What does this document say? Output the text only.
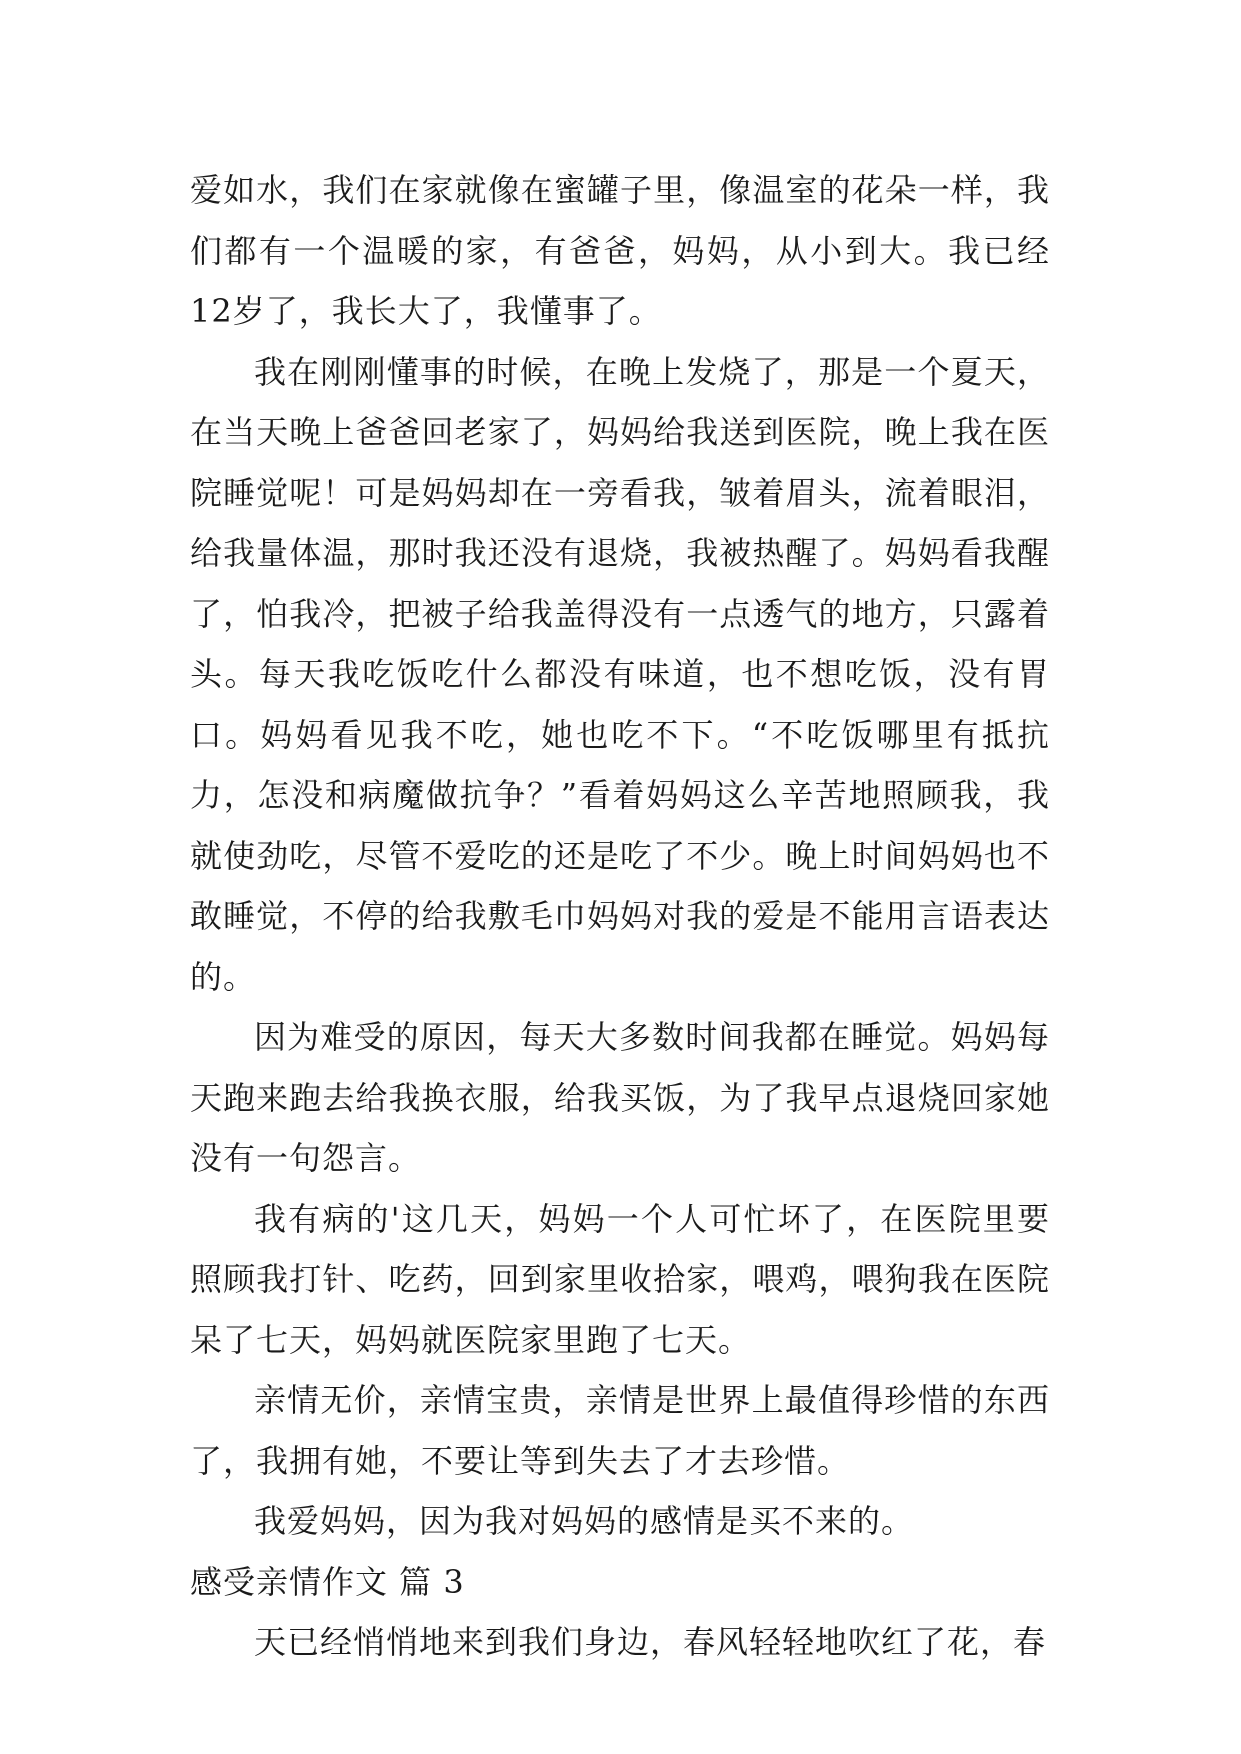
爱如水，我们在家就像在蜜罐子里，像温室的花朵一样，我们都有一个温暖的家，有爸爸，妈妈，从小到大。我已经12岁了，我长大了，我懂事了。

我在刚刚懂事的时候，在晚上发烧了，那是一个夏天，在当天晚上爸爸回老家了，妈妈给我送到医院，晚上我在医院睡觉呢！可是妈妈却在一旁看我，皱着眉头，流着眼泪，给我量体温，那时我还没有退烧，我被热醒了。妈妈看我醒了，怕我冷，把被子给我盖得没有一点透气的地方，只露着头。每天我吃饭吃什么都没有味道，也不想吃饭，没有胃口。妈妈看见我不吃，她也吃不下。“不吃饭哪里有抵抗力，怎没和病魔做抗争？”看着妈妈这么辛苦地照顾我，我就使劲吃，尽管不爱吃的还是吃了不少。晚上时间妈妈也不敢睡觉，不停的给我敷毛巾妈妈对我的爱是不能用言语表达的。

因为难受的原因，每天大多数时间我都在睡觉。妈妈每天跑来跑去给我换衣服，给我买饭，为了我早点退烧回家她没有一句怨言。

我有病的'这几天，妈妈一个人可忙坏了，在医院里要照顾我打针、吃药，回到家里收拾家，喂鸡，喂狗我在医院呆了七天，妈妈就医院家里跑了七天。

亲情无价，亲情宝贵，亲情是世界上最值得珍惜的东西了，我拥有她，不要让等到失去了才去珍惜。

我爱妈妈，因为我对妈妈的感情是买不来的。

感受亲情作文 篇 3

天已经悄悄地来到我们身边，春风轻轻地吹红了花，春
